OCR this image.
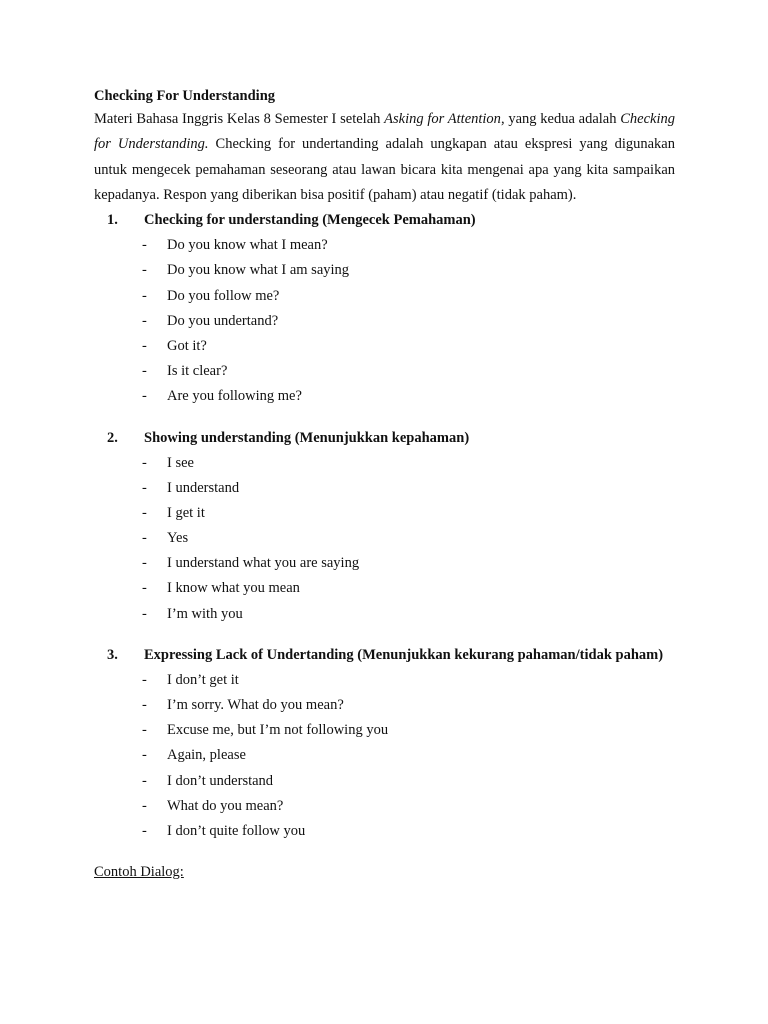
Checking For Understanding

Materi Bahasa Inggris Kelas 8 Semester I setelah Asking for Attention, yang kedua adalah Checking for Understanding. Checking for undertanding adalah ungkapan atau ekspresi yang digunakan untuk mengecek pemahaman seseorang atau lawan bicara kita mengenai apa yang kita sampaikan kepadanya. Respon yang diberikan bisa positif (paham) atau negatif (tidak paham).

1. Checking for understanding (Mengecek Pemahaman)
- Do you know what I mean?
- Do you know what I am saying
- Do you follow me?
- Do you undertand?
- Got it?
- Is it clear?
- Are you following me?
2. Showing understanding (Menunjukkan kepahaman)
- I see
- I understand
- I get it
- Yes
- I understand what you are saying
- I know what you mean
- I’m with you
3. Expressing Lack of Undertanding (Menunjukkan kekurang pahaman/tidak paham)
- I don’t get it
- I’m sorry. What do you mean?
- Excuse me, but I’m not following you
- Again, please
- I don’t understand
- What do you mean?
- I don’t quite follow you
Contoh Dialog:
